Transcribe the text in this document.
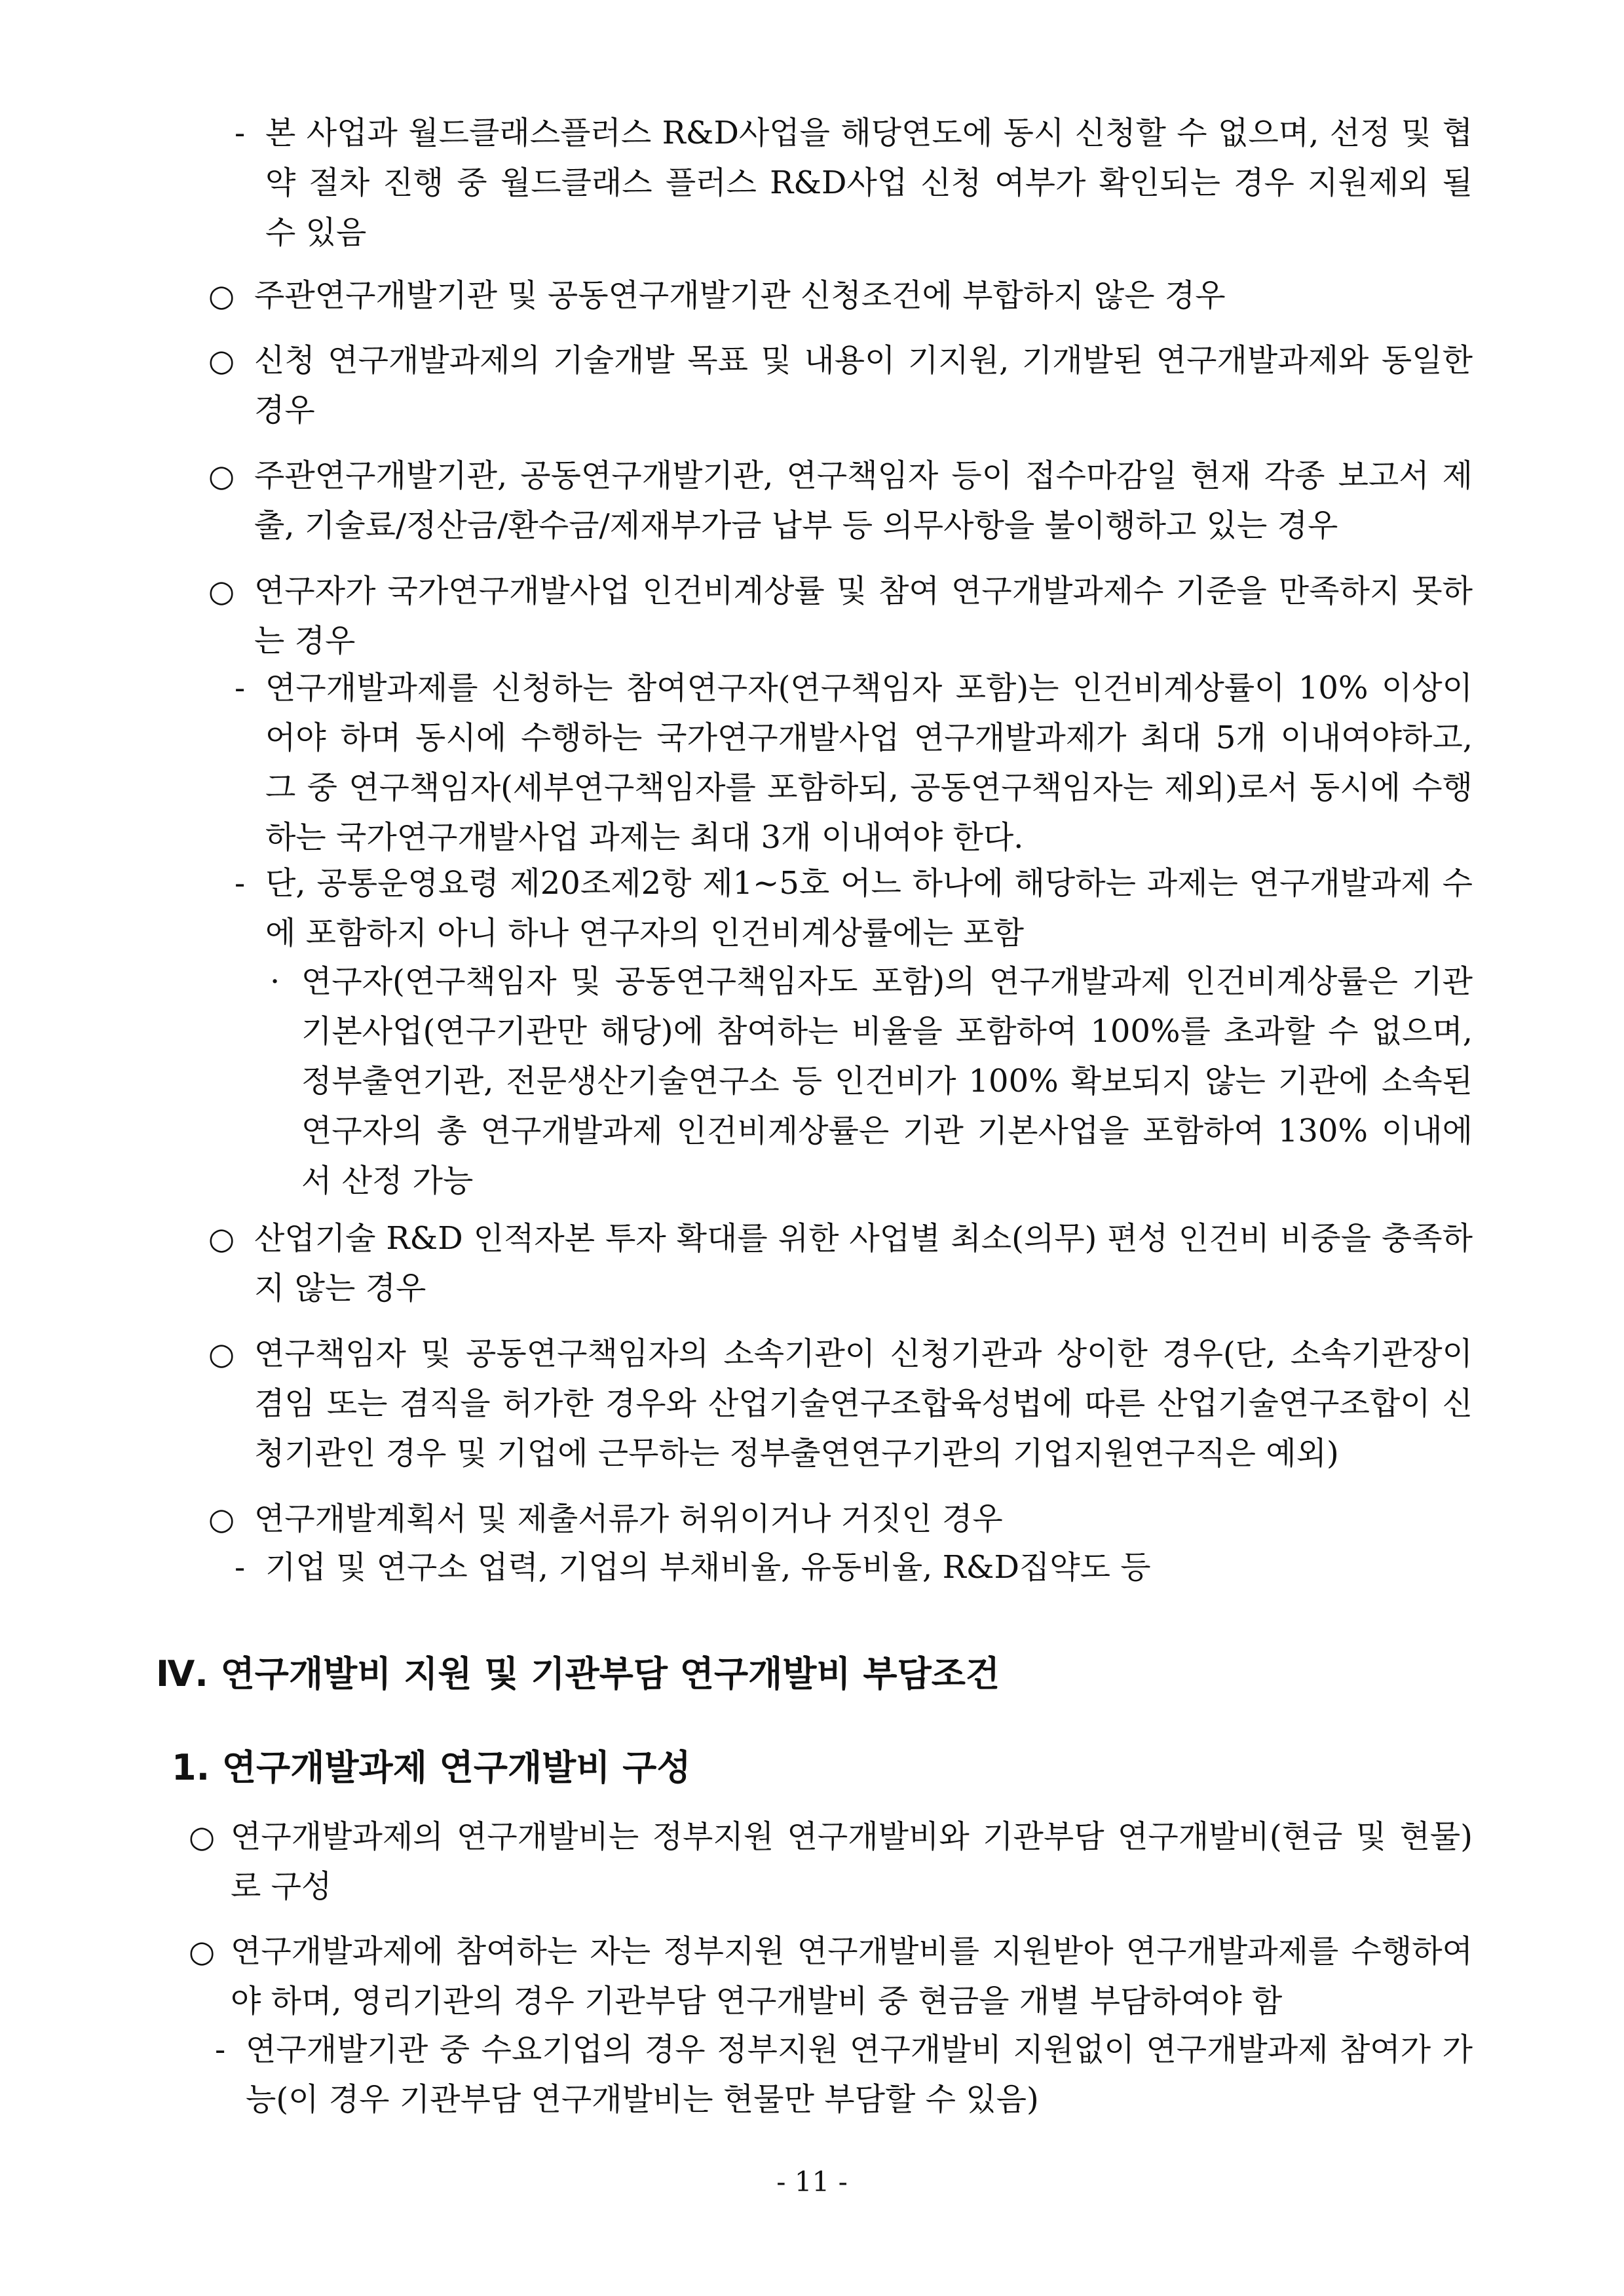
- 본 사업과 월드클래스플러스 R&D사업을 해당연도에 동시 신청할 수 없으며, 선정 및 협약 절차 진행 중 월드클래스 플러스 R&D사업 신청 여부가 확인되는 경우 지원제외 될 수 있음
○ 주관연구개발기관 및 공동연구개발기관 신청조건에 부합하지 않은 경우
○ 신청 연구개발과제의 기술개발 목표 및 내용이 기지원, 기개발된 연구개발과제와 동일한 경우
○ 주관연구개발기관, 공동연구개발기관, 연구책임자 등이 접수마감일 현재 각종 보고서 제출, 기술료/정산금/환수금/제재부가금 납부 등 의무사항을 불이행하고 있는 경우
○ 연구자가 국가연구개발사업 인건비계상률 및 참여 연구개발과제수 기준을 만족하지 못하는 경우
- 연구개발과제를 신청하는 참여연구자(연구책임자 포함)는 인건비계상률이 10% 이상이어야 하며 동시에 수행하는 국가연구개발사업 연구개발과제가 최대 5개 이내여야하고, 그 중 연구책임자(세부연구책임자를 포함하되, 공동연구책임자는 제외)로서 동시에 수행하는 국가연구개발사업 과제는 최대 3개 이내여야 한다.
- 단, 공통운영요령 제20조제2항 제1~5호 어느 하나에 해당하는 과제는 연구개발과제 수에 포함하지 아니 하나 연구자의 인건비계상률에는 포함
· 연구자(연구책임자 및 공동연구책임자도 포함)의 연구개발과제 인건비계상률은 기관 기본사업(연구기관만 해당)에 참여하는 비율을 포함하여 100%를 초과할 수 없으며, 정부출연기관, 전문생산기술연구소 등 인건비가 100% 확보되지 않는 기관에 소속된 연구자의 총 연구개발과제 인건비계상률은 기관 기본사업을 포함하여 130% 이내에서 산정 가능
○ 산업기술 R&D 인적자본 투자 확대를 위한 사업별 최소(의무) 편성 인건비 비중을 충족하지 않는 경우
○ 연구책임자 및 공동연구책임자의 소속기관이 신청기관과 상이한 경우(단, 소속기관장이 겸임 또는 겸직을 허가한 경우와 산업기술연구조합육성법에 따른 산업기술연구조합이 신청기관인 경우 및 기업에 근무하는 정부출연연구기관의 기업지원연구직은 예외)
○ 연구개발계획서 및 제출서류가 허위이거나 거짓인 경우
- 기업 및 연구소 업력, 기업의 부채비율, 유동비율, R&D집약도 등
Ⅳ. 연구개발비 지원 및 기관부담 연구개발비 부담조건
1. 연구개발과제 연구개발비 구성
○ 연구개발과제의 연구개발비는 정부지원 연구개발비와 기관부담 연구개발비(현금 및 현물)로 구성
○ 연구개발과제에 참여하는 자는 정부지원 연구개발비를 지원받아 연구개발과제를 수행하여야 하며, 영리기관의 경우 기관부담 연구개발비 중 현금을 개별 부담하여야 함
- 연구개발기관 중 수요기업의 경우 정부지원 연구개발비 지원없이 연구개발과제 참여가 가능(이 경우 기관부담 연구개발비는 현물만 부담할 수 있음)
- 11 -
